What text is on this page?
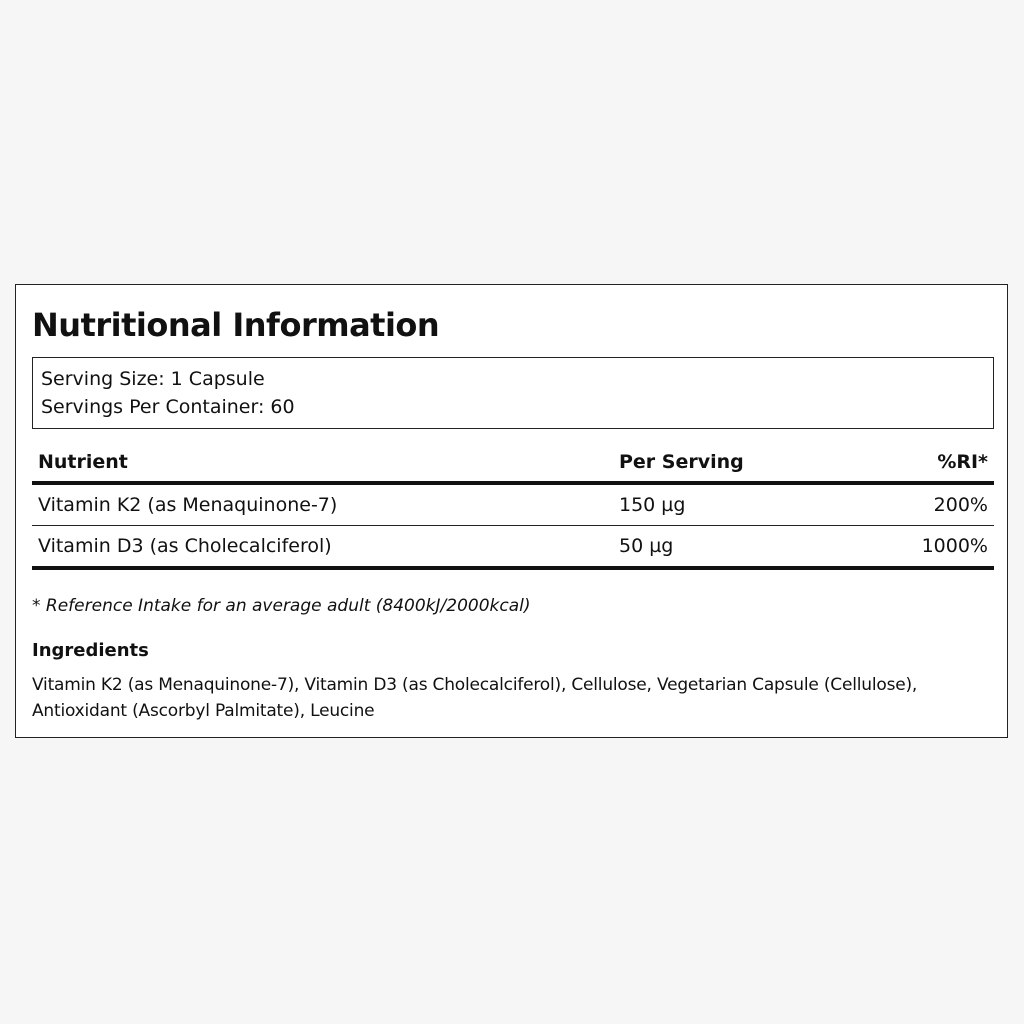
Nutritional Information
Serving Size: 1 Capsule
Servings Per Container: 60
Nutrient	Per Serving	%RI*
Vitamin K2 (as Menaquinone-7)	150 µg	200%
Vitamin D3 (as Cholecalciferol)	50 µg	1000%
* Reference Intake for an average adult (8400kJ/2000kcal)
Ingredients
Vitamin K2 (as Menaquinone-7), Vitamin D3 (as Cholecalciferol), Cellulose, Vegetarian Capsule (Cellulose), Antioxidant (Ascorbyl Palmitate), Leucine
